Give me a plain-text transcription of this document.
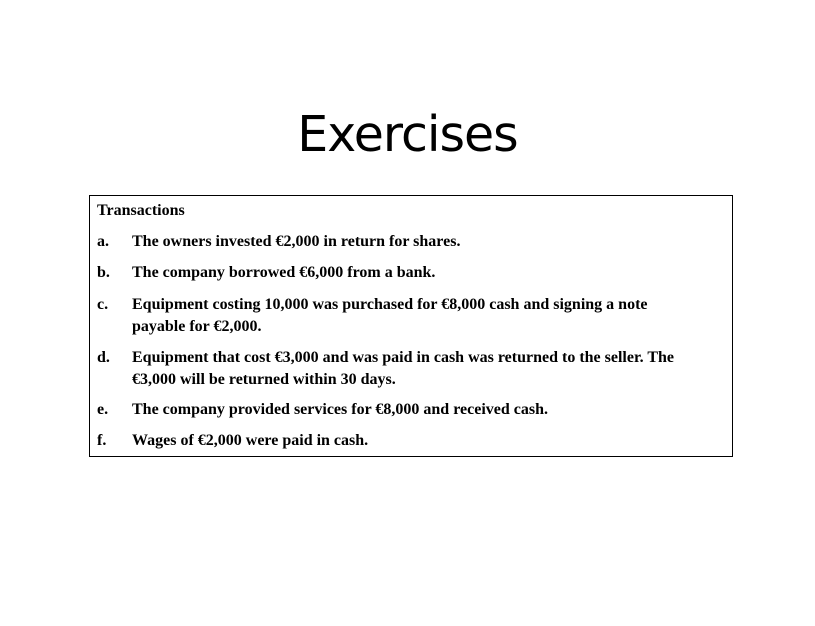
Exercises
Transactions
a. The owners invested €2,000 in return for shares.
b. The company borrowed €6,000 from a bank.
c. Equipment costing 10,000 was purchased for €8,000 cash and signing a note
payable for €2,000.
d. Equipment that cost €3,000 and was paid in cash was returned to the seller. The
€3,000 will be returned within 30 days.
e. The company provided services for €8,000 and received cash.
f. Wages of €2,000 were paid in cash.
